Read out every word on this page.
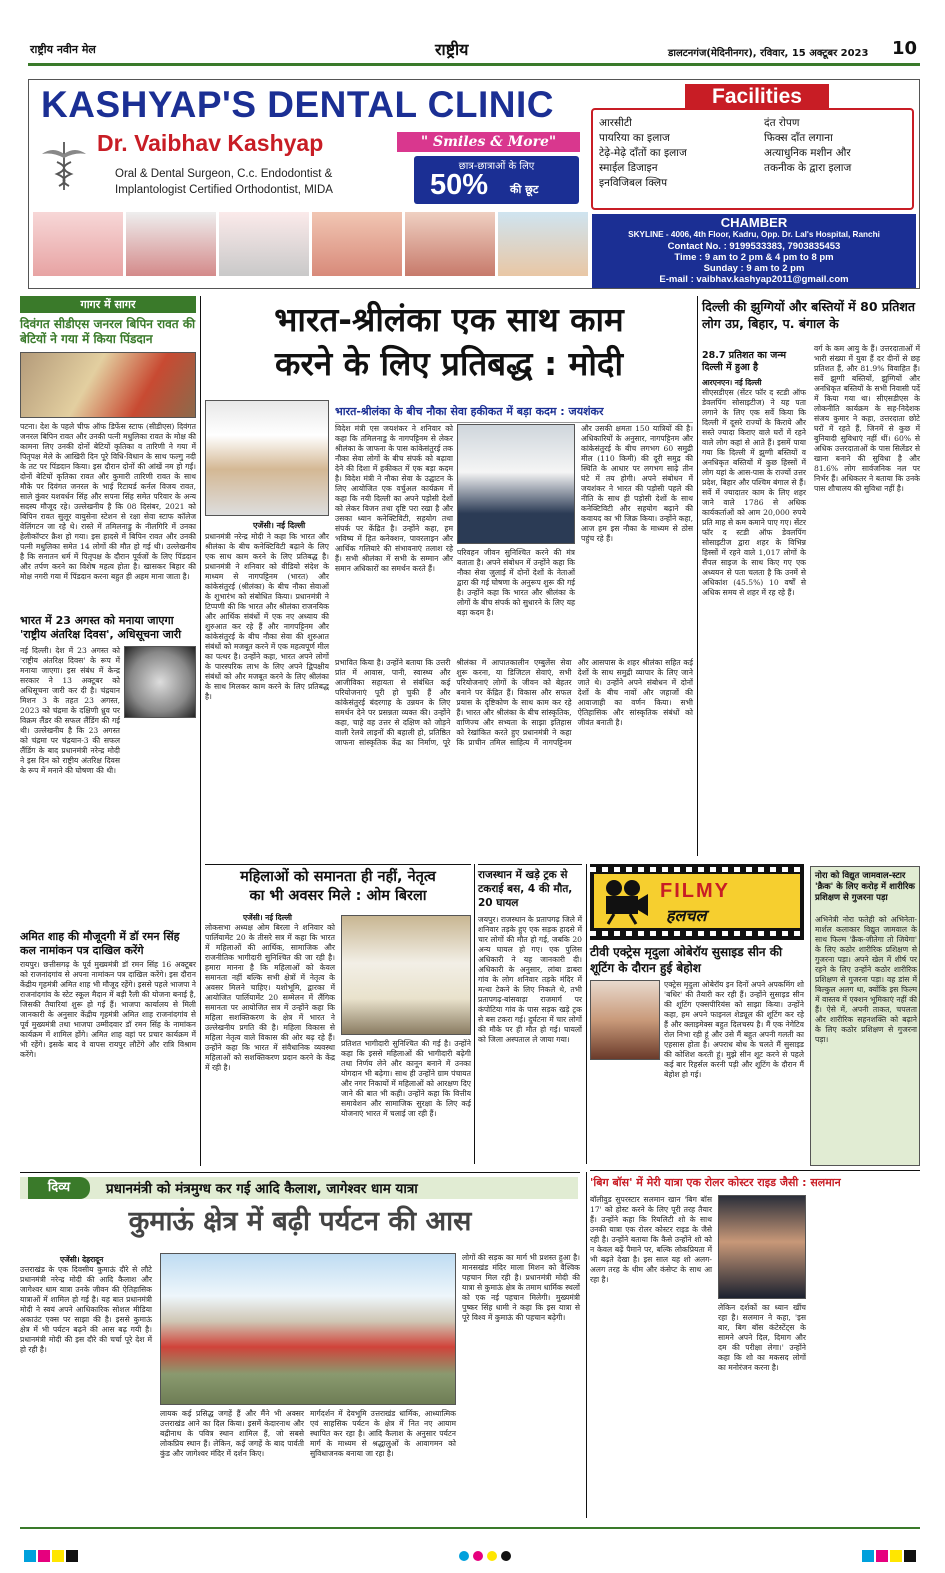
राष्ट्रीय नवीन मेल	राष्ट्रीय	डालटनगंज(मेदिनीनगर), रविवार, 15 अक्टूबर 2023 10
KASHYAP'S DENTAL CLINIC
Dr. Vaibhav Kashyap	" Smiles & More"
Oral & Dental Surgeon, C.c. Endodontist &
Implantologist Certified Orthodontist, MIDA
छात्र-छात्राओं के लिए
50% की छूट
Facilities
आरसीटी	दंत रोपण
पायरिया का इलाज	फिक्स दाँत लगाना
टेढ़े-मेढ़े दाँतों का इलाज	अत्याधुनिक मशीन और
स्माईल डिजाइन	तकनीक के द्वारा इलाज
इनविजिबल क्लिप
CHAMBER
SKYLINE - 4006, 4th Floor, Kadru, Opp. Dr. Lal's Hospital, Ranchi
Contact No. : 9199533383, 7903835453
Time : 9 am to 2 pm & 4 pm to 8 pm
Sunday : 9 am to 2 pm
E-mail : vaibhav.kashyap2011@gmail.com
गागर में सागर
दिवंगत सीडीएस जनरल बिपिन रावत की बेटियों ने गया में किया पिंडदान
पटना। देश के पहले चीफ ऑफ डिफेंस स्टाफ (सीडीएस) दिवंगत जनरल बिपिन रावत और उनकी पत्नी मधुलिका रावत के मोक्ष की कामना लिए उनकी दोनों बेटियों कृतिका व तारिणी ने गया में पितृपक्ष मेले के आखिरी दिन पूरे विधि-विधान के साथ फल्गु नदी के तट पर पिंडदान किया। इस दौरान दोनों की आंखें नम हो गईं। दोनों बेटियों कृतिका रावत और कुमारी तारिणी रावत के साथ मौके पर दिवंगत जनरल के भाई रिटायर्ड कर्नल विजय रावत, साले कुंवर यशवर्धन सिंह और सपना सिंह समेत परिवार के अन्य सदस्य मौजूद रहे। उल्लेखनीय है कि 08 दिसंबर, 2021 को बिपिन रावत सुलूर वायुसेना स्टेशन से रक्षा सेवा स्टाफ कॉलेज वेलिंगटन जा रहे थे। रास्ते में तमिलनाडु के नीलगिरि में उनका हेलीकॉप्टर क्रैश हो गया। इस हादसे में बिपिन रावत और उनकी पत्नी मधुलिका समेत 14 लोगों की मौत हो गई थी। उल्लेखनीय है कि सनातन धर्म में पितृपक्ष के दौरान पूर्वजों के लिए पिंडदान और तर्पण करने का विशेष महत्व होता है। खासकर बिहार की मोक्ष नगरी गया में पिंडदान करना बहुत ही अहम माना जाता है।
भारत में 23 अगस्त को मनाया जाएगा 'राष्ट्रीय अंतरिक्ष दिवस', अधिसूचना जारी
नई दिल्ली। देश में 23 अगस्त को 'राष्ट्रीय अंतरिक्ष दिवस' के रूप में मनाया जाएगा। इस संबंध में केन्द्र सरकार ने 13 अक्टूबर को अधिसूचना जारी कर दी है। चंद्रयान मिशन 3 के तहत 23 अगस्त, 2023 को चंद्रमा के दक्षिणी ध्रुव पर विक्रम लैंडर की सफल लैंडिंग की गई थी। उल्लेखनीय है कि 23 अगस्त को चंद्रमा पर चंद्रयान-3 की सफल लैंडिंग के बाद प्रधानमंत्री नरेन्द्र मोदी ने इस दिन को राष्ट्रीय अंतरिक्ष दिवस के रूप में मनाने की घोषणा की थी।
अमित शाह की मौजूदगी में डॉ रमन सिंह कल नामांकन पत्र दाखिल करेंगे
रायपुर। छत्तीसगढ़ के पूर्व मुख्यमंत्री डॉ रमन सिंह 16 अक्टूबर को राजनांदगांव से अपना नामांकन पत्र दाखिल करेंगे। इस दौरान केंद्रीय गृहमंत्री अमित शाह भी मौजूद रहेंगे। इससे पहले भाजपा ने राजनांदगांव के स्टेट स्कूल मैदान में बड़ी रैली की योजना बनाई है, जिसकी तैयारियां शुरू हो गई हैं। भाजपा कार्यालय से मिली जानकारी के अनुसार केंद्रीय गृहमंत्री अमित शाह राजनांदगांव से पूर्व मुख्यमंत्री तथा भाजपा उम्मीदवार डॉ रमन सिंह के नामांकन कार्यक्रम में शामिल होंगे। अमित शाह वहां पर प्रचार कार्यक्रम में भी रहेंगे। इसके बाद वे वापस रायपुर लौटेंगे और रात्रि विश्राम करेंगे।
भारत-श्रीलंका एक साथ काम
करने के लिए प्रतिबद्ध : मोदी
भारत-श्रीलंका के बीच नौका सेवा हकीकत में बड़ा कदम : जयशंकर
एजेंसी। नई दिल्ली
प्रधानमंत्री नरेन्द्र मोदी ने कहा कि भारत और श्रीलंका के बीच कनेक्टिविटी बढ़ाने के लिए एक साथ काम करने के लिए प्रतिबद्ध है। प्रधानमंत्री ने शनिवार को वीडियो संदेश के माध्यम से नागपट्टिनम (भारत) और कांकेसंतुरई (श्रीलंका) के बीच नौका सेवाओं के शुभारंभ को संबोधित किया। प्रधानमंत्री ने टिप्पणी की कि भारत और श्रीलंका राजनयिक और आर्थिक संबंधों में एक नए अध्याय की शुरुआत कर रहे हैं और नागपट्टिनम और कांकेसंतुरई के बीच नौका सेवा की शुरुआत संबंधों को मजबूत करने में एक महत्वपूर्ण मील का पत्थर है। उन्होंने कहा, भारत अपने लोगों के पारस्परिक लाभ के लिए अपने द्विपक्षीय संबंधों को और मजबूत करने के लिए श्रीलंका के साथ मिलकर काम करने के लिए प्रतिबद्ध है।
विदेश मंत्री एस जयशंकर ने शनिवार को कहा कि तमिलनाडु के नागपट्टिनम से लेकर श्रीलंका के जाफना के पास कांकेसंतुरई तक नौका सेवा लोगों के बीच संपर्क को बढ़ावा देने की दिशा में हकीकत में एक बड़ा कदम है। विदेश मंत्री ने नौका सेवा के उद्घाटन के लिए आयोजित एक वर्चुअल कार्यक्रम में कहा कि नयी दिल्ली का अपने पड़ोसी देशों को लेकर विजन तथा दृष्टि परा रखा है और उसका ध्यान कनेक्टिविटी, सहयोग तथा संपर्क पर केंद्रित है। उन्होंने कहा, हम भविष्य में हित कनेक्शन, पावरलाइन और आर्थिक गलियारे की संभावनाएं तलाश रहे हैं। सभी श्रीलंका में सभी के सम्मान और समान अधिकारों का समर्थन करते हैं।
परिवहन जीवन सुनिश्चित करने की मंत्र बताता है। अपने संबोधन में उन्होंने कहा कि नौका सेवा जुलाई में दोनों देशों के नेताओं द्वारा की गई घोषणा के अनुरूप शुरू की गई है। उन्होंने कहा कि भारत और श्रीलंका के लोगों के बीच संपर्क को सुधारने के लिए यह बड़ा कदम है।
और उसकी क्षमता 150 यात्रियों की है। अधिकारियों के अनुसार, नागपट्टिनम और कांकेसंतुरई के बीच लगभग 60 समुद्री मील (110 किमी) की दूरी समुद्र की स्थिति के आधार पर लगभग साढ़े तीन घंटे में तय होगी। अपने संबोधन में जयशंकर ने भारत की पड़ोसी पहले की नीति के साथ ही पड़ोसी देशों के साथ कनेक्टिविटी और सहयोग बढ़ाने की कवायद का भी जिक्र किया। उन्होंने कहा, आज हम इस नौका के माध्यम से ठोस पहुंच रहे हैं।
प्रभावित किया है। उन्होंने बताया कि उत्तरी प्रांत में आवास, पानी, स्वास्थ्य और आजीविका सहायता से संबंधित कई परियोजनाएं पूरी हो चुकी हैं और कांकेसंतुरई बंदरगाह के उन्नयन के लिए समर्थन देने पर प्रसन्नता व्यक्त की। उन्होंने कहा, चाहे वह उत्तर से दक्षिण को जोड़ने वाली रेलवे लाइनों की बहाली हो, प्रतिष्ठित जाफना सांस्कृतिक केंद्र का निर्माण, पूरे श्रीलंका में आपातकालीन एम्बुलेंस सेवा शुरू करना, या डिजिटल सेवाएं, सभी परियोजनाएं लोगों के जीवन को बेहतर बनाने पर केंद्रित हैं। विकास और सफल प्रयास के दृष्टिकोण के साथ काम कर रहे हैं। भारत और श्रीलंका के बीच सांस्कृतिक, वाणिज्य और सभ्यता के साझा इतिहास को रेखांकित करते हुए प्रधानमंत्री ने कहा कि प्राचीन तमिल साहित्य में नागपट्टिनम और आसपास के शहर श्रीलंका सहित कई देशों के साथ समुद्री व्यापार के लिए जाने जाते थे। उन्होंने अपने संबोधन में दोनों देशों के बीच नावों और जहाजों की आवाजाही का वर्णन किया। सभी ऐतिहासिक और सांस्कृतिक संबंधों को जीवंत बनाती है।
दिल्ली की झुग्गियों और बस्तियों में 80 प्रतिशत लोग उप्र, बिहार, प. बंगाल के
28.7 प्रतिशत का जन्म दिल्ली में हुआ है
आरएनएन। नई दिल्ली
सीएसडीएस (सेंटर फॉर द स्टडी ऑफ डेवलपिंग सोसाइटीज) ने यह पता लगाने के लिए एक सर्वे किया कि दिल्ली में दूसरे राज्यों के किराये और सस्ते ज्यादा किराए वाले घरों में रहने वाले लोग कहां से आते हैं। इसमें पाया गया कि दिल्ली में झुग्गी बस्तियों व अनधिकृत बस्तियों में कुछ हिस्सों में लोग यहां के आस-पास के राज्यों उत्तर प्रदेश, बिहार और पश्चिम बंगाल से हैं। सर्वे में ज्यादातर काम के लिए शहर जाने वाले 1786 से अधिक कार्यकर्ताओं को आम 20,000 रुपये प्रति माह से कम कमाने पाए गए। सेंटर फॉर द स्टडी ऑफ डेवलपिंग सोसाइटीज द्वारा शहर के विभिन्न हिस्सों में रहने वाले 1,017 लोगों के सैंपल साइज के साथ किए गए एक अध्ययन से पता चलता है कि उनमें से अधिकांश (45.5%) 10 वर्षों से अधिक समय से शहर में रह रहे हैं।
वर्ग के कम आयु के हैं। उत्तरदाताओं में भारी संख्या में युवा हैं दर दीनों से छह प्रतिशत हैं, और 81.9% विवाहित हैं। सर्वे झुग्गी बस्तियों, झुग्गियों और अनधिकृत बस्तियों के सभी निवासी पर्दे में किया गया था। सीएसडीएस के लोकनीति कार्यक्रम के सह-निदेशक संजय कुमार ने कहा, उत्तरदाता छोटे घरों में रहते हैं, जिनमें से कुछ में बुनियादी सुविधाएं नहीं थीं। 60% से अधिक उत्तरदाताओं के पास सिलेंडर से खाना बनाने की सुविधा है और 81.6% लोग सार्वजनिक नल पर निर्भर हैं। अधिकतर ने बताया कि उनके पास शौचालय की सुविधा नहीं है।
महिलाओं को समानता ही नहीं, नेतृत्व
का भी अवसर मिले : ओम बिरला
एजेंसी। नई दिल्ली
लोकसभा अध्यक्ष ओम बिरला ने शनिवार को पार्लियामेंट 20 के तीसरे सत्र में कहा कि भारत में महिलाओं की आर्थिक, सामाजिक और राजनीतिक भागीदारी सुनिश्चित की जा रही है। हमारा मानना है कि महिलाओं को केवल समानता नहीं बल्कि सभी क्षेत्रों में नेतृत्व के अवसर मिलने चाहिए। यशोभूमि, द्वारका में आयोजित पार्लियामेंट 20 सम्मेलन में लैंगिक समानता पर आयोजित सत्र में उन्होंने कहा कि महिला सशक्तिकरण के क्षेत्र में भारत ने उल्लेखनीय प्रगति की है। महिला विकास से महिला नेतृत्व वाले विकास की ओर बढ़ रहे हैं। उन्होंने कहा कि भारत में संवैधानिक व्यवस्था महिलाओं को सशक्तिकरण प्रदान करने के केंद्र में रही है।
प्रतिशत भागीदारी सुनिश्चित की गई है। उन्होंने कहा कि इससे महिलाओं की भागीदारी बढ़ेगी तथा निर्णय लेने और कानून बनाने में उनका योगदान भी बढ़ेगा। साथ ही उन्होंने ग्राम पंचायत और नगर निकायों में महिलाओं को आरक्षण दिए जाने की बात भी कही। उन्होंने कहा कि वित्तीय समावेशन और सामाजिक सुरक्षा के लिए कई योजनाएं भारत में चलाई जा रही हैं।
राजस्थान में खड़े ट्रक से टकराई बस, 4 की मौत, 20 घायल
जयपुर। राजस्थान के प्रतापगढ़ जिले में शनिवार तड़के हुए एक सड़क हादसे में चार लोगों की मौत हो गई, जबकि 20 अन्य घायल हो गए। एक पुलिस अधिकारी ने यह जानकारी दी। अधिकारी के अनुसार, लांबा डाबरा गांव के लोग शनिवार तड़के मंदिर में मत्था टेकने के लिए निकले थे, तभी प्रतापगढ़-बांसवाड़ा राजमार्ग पर कंपोटिया गांव के पास सड़क खड़े ट्रक से बस टकरा गई। दुर्घटना में चार लोगों की मौके पर ही मौत हो गई। घायलों को जिला अस्पताल ले जाया गया।
FILMY
हलचल
टीवी एक्ट्रेस मृदुला ओबेरॉय सुसाइड सीन की शूटिंग के दौरान हुई बेहोश
एक्ट्रेस मृदुला ओबेरॉय इन दिनों अपने अपकमिंग शो 'बधिर' की तैयारी कर रही हैं। उन्होंने सुसाइड सीन की शूटिंग एक्सपीरियंस को साझा किया। उन्होंने कहा, हम अपने फाइनल शेड्यूल की शूटिंग कर रहे हैं और क्लाइमेक्स बहुत दिलचस्प है। मैं एक नेगेटिव रोल निभा रही हूं और उसे मैं बहुत अपनी गलती का एहसास होता है। अपराध बोध के चलते मैं सुसाइड की कोशिश करती हूं। मुझे सीन शूट करने से पहले कई बार रिहर्सल करनी पड़ी और शूटिंग के दौरान मैं बेहोश हो गई।
नोरा को विद्युत जामवाल-स्टार 'क्रैक' के लिए करोड़ में शारीरिक प्रशिक्षण से गुजरना पड़ा
अभिनेत्री नोरा फतेही को अभिनेता-मार्शल कलाकार विद्युत जामवाल के साथ फिल्म 'क्रैक-जीतेगा तो जियेगा' के लिए कठोर शारीरिक प्रशिक्षण से गुजरना पड़ा। अपने खेल में शीर्ष पर रहने के लिए उन्होंने कठोर शारीरिक प्रशिक्षण से गुजरना पड़ा। वह डांस में बिल्कुल अलग था, क्योंकि इस फिल्म में वास्तव में एक्शन भूमिकाएं नहीं की हैं। ऐसे में, अपनी ताकत, चपलता और शारीरिक सहनशक्ति को बढ़ाने के लिए कठोर प्रशिक्षण से गुजरना पड़ा।
दिव्य	प्रधानमंत्री को मंत्रमुग्ध कर गई आदि कैलाश, जागेश्वर धाम यात्रा
कुमाऊं क्षेत्र में बढ़ी पर्यटन की आस
एजेंसी। देहरादून
उत्तराखंड के एक दिवसीय कुमाऊं दौरे से लौटे प्रधानमंत्री नरेन्द्र मोदी की आदि कैलाश और जागेश्वर धाम यात्रा उनके जीवन की ऐतिहासिक यात्राओं में शामिल हो गई है। यह बात प्रधानमंत्री मोदी ने स्वयं अपने आधिकारिक सोशल मीडिया अकाउंट एक्स पर साझा की है। इससे कुमाऊं क्षेत्र में भी पर्यटन बढ़ने की आस बढ़ गयी है। प्रधानमंत्री मोदी की इस दौरे की चर्चा पूरे देश में हो रही है।
लायक कई प्रसिद्ध जगहें हैं और मैंने भी अक्सर उत्तराखंड आने का दिल किया। इसमें केदारनाथ और बद्रीनाथ के पवित्र स्थान शामिल हैं, जो सबसे लोकप्रिय स्थान हैं। लेकिन, कई जगहें के बाद पार्वती कुंड और जागेश्वर मंदिर में दर्शन किए।
मार्गदर्शन में देवभूमि उत्तराखंड धार्मिक, आध्यात्मिक एवं साहसिक पर्यटन के क्षेत्र में नित नए आयाम स्थापित कर रहा है। आदि कैलाश के अनुसार पर्यटन मार्ग के माध्यम से श्रद्धालुओं के आवागमन को सुविधाजनक बनाया जा रहा है।
लोगों की सड़क का मार्ग भी प्रशस्त हुआ है। मानसखंड मंदिर माला मिशन को वैश्विक पहचान मिल रही है। प्रधानमंत्री मोदी की यात्रा से कुमाऊं क्षेत्र के तमाम धार्मिक स्थलों को एक नई पहचान मिलेगी। मुख्यमंत्री पुष्कर सिंह धामी ने कहा कि इस यात्रा से पूरे विश्व में कुमाऊं की पहचान बढ़ेगी।
'बिग बॉस' में मेरी यात्रा एक रोलर कोस्टर राइड जैसी : सलमान
बॉलीवुड सुपरस्टार सलमान खान 'बिग बॉस 17' को होस्ट करने के लिए पूरी तरह तैयार हैं। उन्होंने कहा कि रियलिटी शो के साथ उनकी यात्रा एक रोलर कोस्टर राइड के जैसे रही है। उन्होंने बताया कि कैसे उन्होंने शो को न केवल बढ़ें पैमाने पर, बल्कि लोकप्रियता में भी बढ़ते देखा है। इस साल यह शो अलग-अलग तरह के थीम और कंसेप्ट के साथ आ रहा है।
लेकिन दर्शकों का ध्यान खींच रहा है। सलमान ने कहा, 'इस बार, बिग बॉस कंटेस्टेंट्स के सामने अपने दिल, दिमाग और दम की परीक्षा लेगा।' उन्होंने कहा कि शो का मकसद लोगों का मनोरंजन करना है।
